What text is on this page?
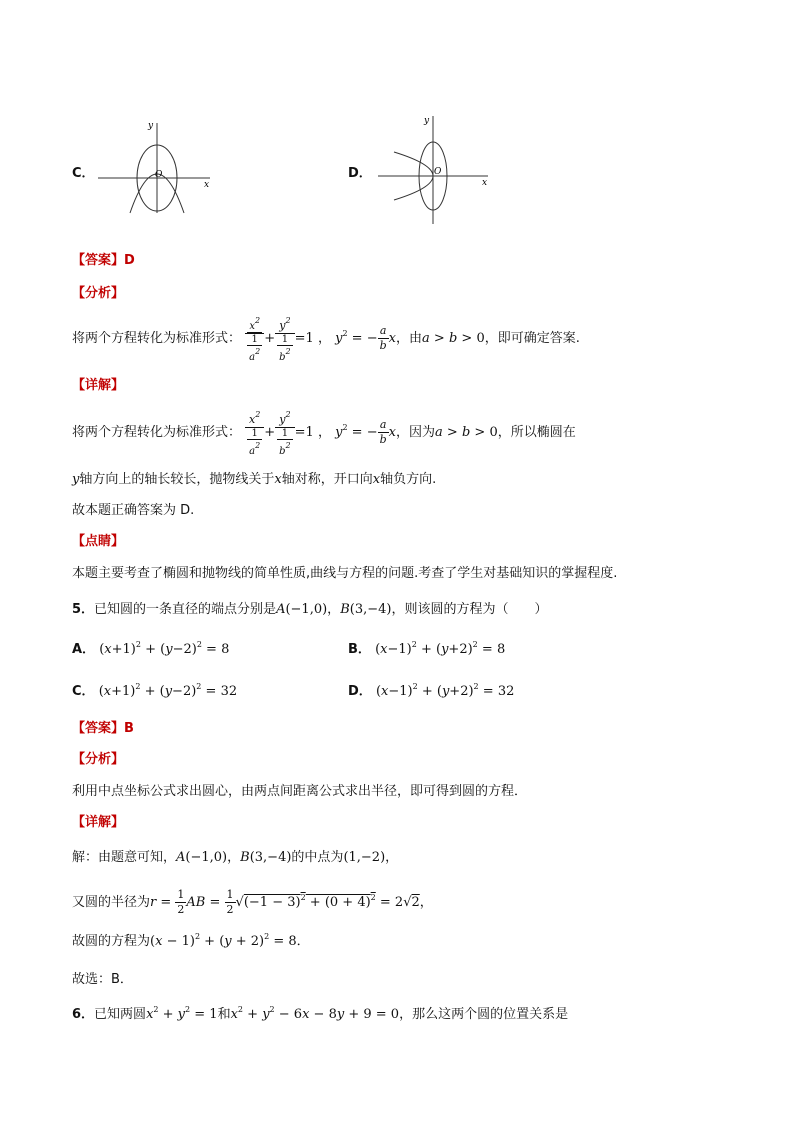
C．
y
x
O	D．
y
x
O
【答案】D
【分析】
将两个方程转化为标准形式： $\frac{x^2}{\frac{1}{a^2}} + \frac{y^2}{\frac{1}{b^2}} =1$ ， $y^2$ = − $\frac{a}{b}$ x，由a > b > 0，即可确定答案.
【详解】
将两个方程转化为标准形式： $\frac{x^2}{\frac{1}{a^2}} + \frac{y^2}{\frac{1}{b^2}} =1$ ， $y^2$ = − $\frac{a}{b}$ x，因为a > b > 0，所以椭圆在
y轴方向上的轴长较长，抛物线关于x轴对称，开口向x轴负方向.
故本题正确答案为 D.
【点睛】
本题主要考查了椭圆和抛物线的简单性质,曲线与方程的问题.考查了学生对基础知识的掌握程度.
5．已知圆的一条直径的端点分别是A(−1,0)，B(3,−4)，则该圆的方程为（　　）
A． $(x+1)^2 + (y-2)^2 = 8$	B． $(x-1)^2 + (y+2)^2 = 8$
C． $(x+1)^2 + (y-2)^2 = 32$	D． $(x-1)^2 + (y+2)^2 = 32$
【答案】B
【分析】
利用中点坐标公式求出圆心，由两点间距离公式求出半径，即可得到圆的方程．
【详解】
解：由题意可知，A(−1,0)，B(3,−4)的中点为(1,−2)，
又圆的半径为$r = \frac{1}{2}$ AB = $\frac{1}{2} √(-1 - 3)^2 + (0 + 4)^2 = 2√2$，
故圆的方程为$(x - 1)^2 + (y + 2)^2 = 8$．
故选：B．
6．已知两圆$x^2 + y^2 = 1$和$x^2 + y^2 - 6x - 8y + 9 = 0$，那么这两个圆的位置关系是
